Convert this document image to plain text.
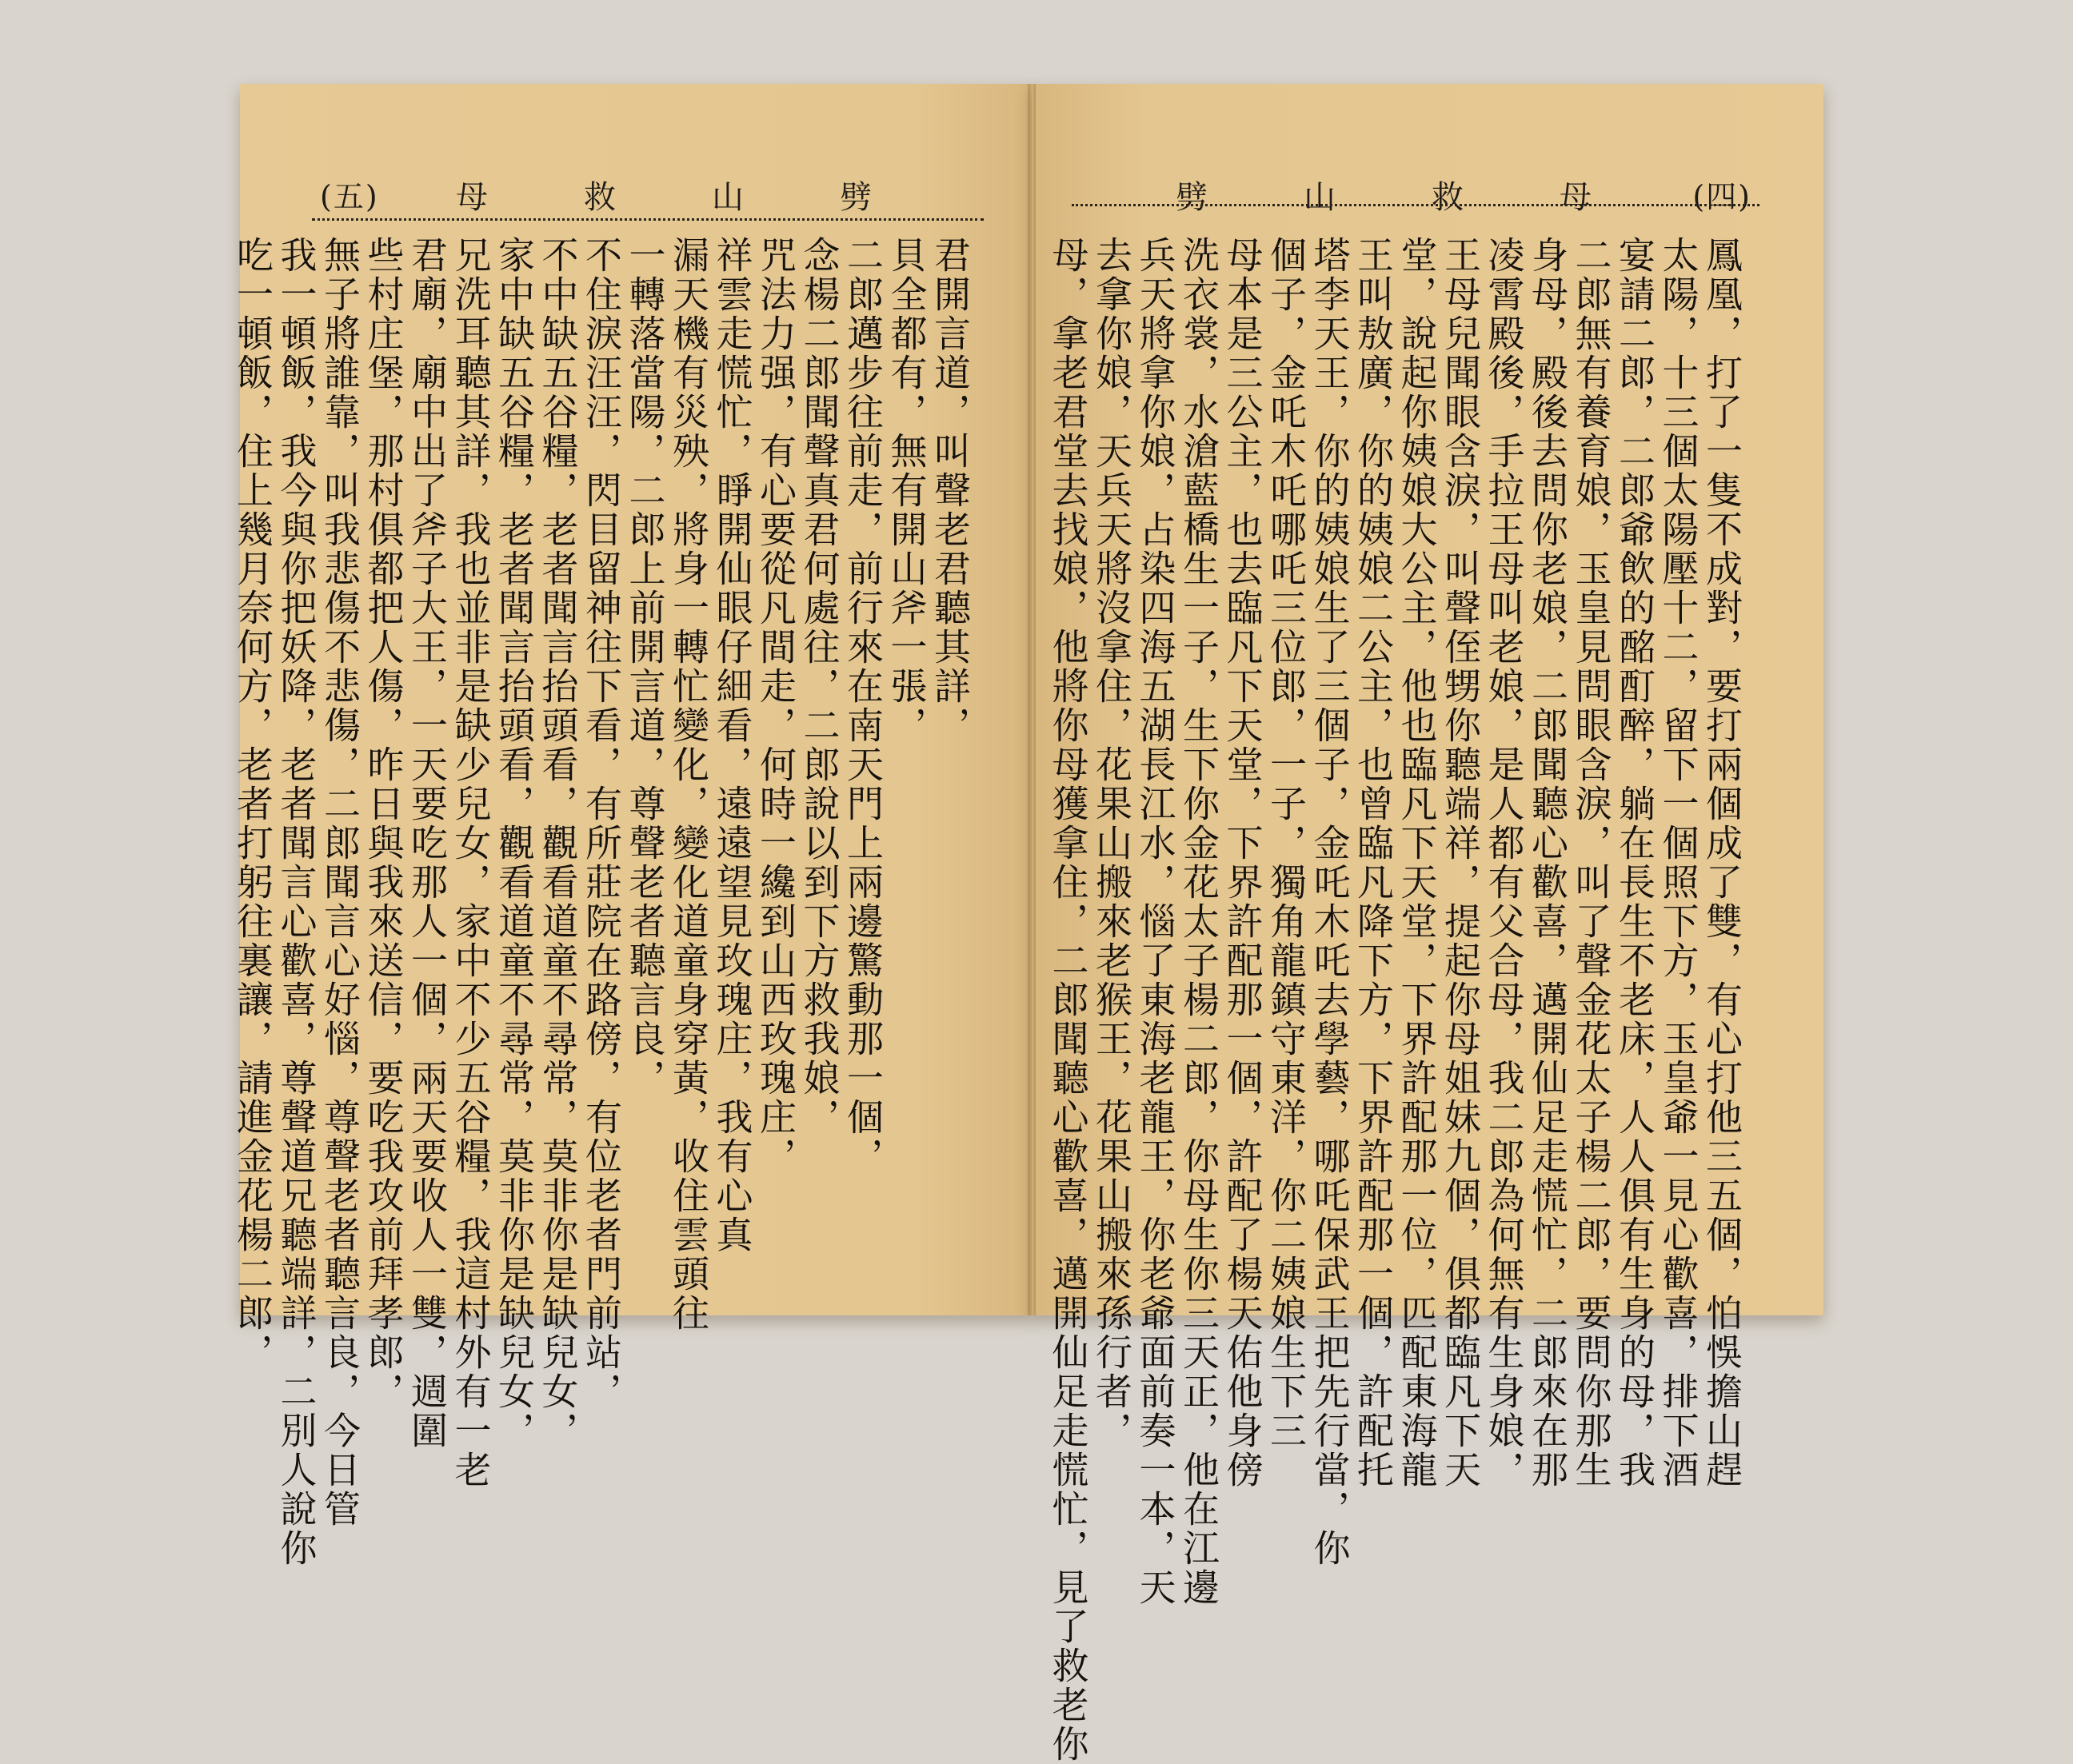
(五) 母救山劈
君開言道，叫聲老君聽其詳，
貝全都有，無有開山斧一張，
二郎邁步往前走，前行來在南天門上兩邊驚動那一個，
念楊二郎聞聲真君何處往，二郎說以到下方救我娘，
咒法力强，有心要從凡間走，何時一纔到山西玫瑰庄，
祥雲走慌忙，睜開仙眼仔細看，遠遠望見玫瑰庄，我有心真
漏天機有災殃，將身一轉忙變化，變化道童身穿黃，收住雲頭往
一轉落當陽，二郎上前開言道，尊聲老者聽言良，
不住淚汪汪，閃目留神往下看，有所莊院在路傍，有位老者門前站，
不中缺五谷糧，老者聞言抬頭看，觀看道童不尋常，莫非你是缺兒女，
家中缺五谷糧，老者聞言抬頭看，觀看道童不尋常，莫非你是缺兒女，
兄洗耳聽其詳，我也並非是缺少兒女，家中不少五谷糧，我這村外有一老
君廟，廟中出了斧子大王，一天要吃那人一個，兩天要收人一雙，週圍
些村庄堡，那村俱都把人傷，昨日與我來送信，要吃我攻前拜孝郎，
無子將誰靠，叫我悲傷不悲傷，二郎聞言心好惱，尊聲老者聽言良，今日管
我一頓飯，我今與你把妖降，老者聞言心歡喜，尊聲道兄聽端詳，二別人說你
吃一頓飯，住上幾月奈何方，老者打躬往裏讓，請進金花楊二郎，
劈山救母 (四)
鳳凰，打了一隻不成對，要打兩個成了雙，有心打他三五個，怕悞擔山趕
太陽，十三個太陽壓十二，留下一個照下方，玉皇爺一見心歡喜，排下酒
宴請二郎，二郎爺飲的酩酊醉，躺在長生不老床，人人俱有生身的母，我
二郎無有養育娘，玉皇見問眼含淚，叫了聲金花太子楊二郎，要問你那生
身母，殿後去問你老娘，二郎聞聽心歡喜，邁開仙足走慌忙，二郎來在那
凌霄殿後，手拉王母叫老娘，是人都有父合母，我二郎為何無有生身娘，
王母兒聞眼含淚，叫聲侄甥你聽端祥，提起你母姐妹九個，俱都臨凡下天
堂，說起你姨娘大公主，他也臨凡下天堂，下界許配那一位，匹配東海龍
王叫敖廣，你的姨娘二公主，也曾臨凡降下方，下界許配那一個，許配托
塔李天王，你的姨娘生了三個子，金吒木吒去學藝，哪吒保武王把先行當，你
個子，金吒木吒哪吒三位郎，一子，獨角龍鎮守東洋，你二姨娘生下三
母本是三公主，也去臨凡下天堂，下界許配那一個，許配了楊天佑他身傍
洗衣裳，水滄藍橋生一子，生下你金花太子楊二郎，你母生你三天正，他在江邊
兵天將拿你娘，占染四海五湖長江水，惱了東海老龍王，你老爺面前奏一本，天
去拿你娘，天兵天將沒拿住，花果山搬來老猴王，花果山搬來孫行者，
母，拿老君堂去找娘，他將你母獲拿住，二郎聞聽心歡喜，邁開仙足走慌忙，見了救老你
